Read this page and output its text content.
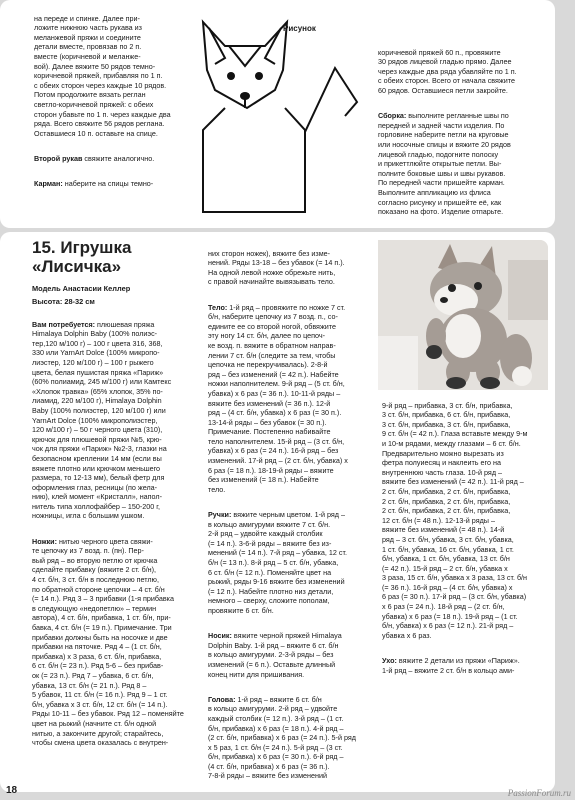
на переде и спинке. Далее при-
ложите нижнюю часть рукава из
меланжевой пряжи и соедините
детали вместе, провязав по 2 п.
вместе (коричневой и меланже-
вой). Далее вяжите 50 рядов темно-
коричневой пряжей, прибавляя по 1 п.
с обеих сторон через каждые 10 рядов.
Потом продолжите вязать реглан
светло-коричневой пряжей: с обеих
сторон убавьте по 1 п. через каждые два
ряда. Всего свяжите 56 рядов реглана.
Оставшиеся 10 п. оставьте на спице.

Второй рукав свяжите аналогично.

Карман: наберите на спицы темно-

Рисунок

коричневой пряжей 60 п., провяжите
30 рядов лицевой гладью прямо. Далее
через каждые два ряда убавляйте по 1 п.
с обеих сторон. Всего от начала свяжите
60 рядов. Оставшиеся петли закройте.

Сборка: выполните регланные швы по
передней и задней части изделия. По
горловине наберите петли на круговые
или носочные спицы и вяжите 20 рядов
лицевой гладью, подогните полоску
и прикеттлюйте открытые петли. Вы-
полните боковые швы и швы рукавов.
По передней части пришейте карман.
Выполните аппликацию из флиса
согласно рисунку и пришейте её, как
показано на фото. Изделие отпарьте.

15. Игрушка
«Лисичка»
Модель Анастасии Келлер
Высота: 28-32 см

Вам потребуется: плюшевая пряжа
Himalaya Dolphin Baby (100% полиэс-
тер,120 м/100 г) – 100 г цвета 316, 368,
330 или YarnArt Dolce (100% микропо-
лиэстер, 120 м/100 г) – 100 г рыжего
цвета, белая пушистая пряжа «Париж»
(60% полиамид, 245 м/100 г) или Камтекс
«Хлопок травка» (65% хлопок, 35% по-
лиамид, 220 м/100 г), Himalaya Dolphin
Baby (100% полиэстер, 120 м/100 г) или
YarnArt Dolce (100% микрополиэстер,
120 м/100 г) – 50 г черного цвета (310),
крючок для плюшевой пряжи №5, крю-
чок для пряжи «Париж» №2-3, глазки на
безопасном креплении 14 мм (если вы
вяжете плотно или крючком меньшего
размера, то 12-13 мм), белый фетр для
оформления глаз, ресницы (по жела-
нию), клей момент «Кристалл», напол-
нитель типа холлофайбер – 150-200 г,
ножницы, игла с большим ушком.

Ножки: нитью черного цвета свяжи-
те цепочку из 7 возд. п. (пн). Пер-
вый ряд – во вторую петлю от крючка
сделайте прибавку (вяжите 2 ст. б/н),
4 ст. б/н, 3 ст. б/н в последнюю петлю,
по обратной стороне цепочки – 4 ст. б/н
(= 14 п.). Ряд 3 – 3 прибавки (1-я прибавка
в следующую «недопетлю» – термин
автора), 4 ст. б/н, прибавка, 1 ст. б/н, при-
бавка, 4 ст. б/н (= 19 п.). Примечание. Три
прибавки должны быть на носочке и две
прибавки на пяточке. Ряд 4 – (1 ст. б/н,
прибавка) х 3 раза, 6 ст. б/н, прибавка,
6 ст. б/н (= 23 п.). Ряд 5-6 – без прибав-
ок (= 23 п.). Ряд 7 – убавка, 6 ст. б/н,
убавка, 13 ст. б/н (= 21 п.). Ряд 8 –
5 убавок, 11 ст. б/н (= 16 п.). Ряд 9 – 1 ст.
б/н, убавка х 3 ст. б/н, 12 ст. б/н (= 14 п.).
Ряды 10-11 – без убавок. Ряд 12 – поменяйте
цвет на рыжий (начните ст. б/н одной
нитью, а закончите другой; старайтесь,
чтобы смена цвета оказалась с внутрен-

них сторон ножек), вяжите без изме-
нений. Ряды 13-18 – без убавок (= 14 п.).
На одной левой ножке обрежьте нить,
с правой начинайте вывязывать тело.

Тело: 1-й ряд – провяжите по ножке 7 ст.
б/н, наберите цепочку из 7 возд. п., со-
едините ее со второй ногой, обвяжите
эту ногу 14 ст. б/н, далее по цепоч-
ке возд. п. вяжите в обратном направ-
лении 7 ст. б/н (следите за тем, чтобы
цепочка не перекручивалась). 2-8-й
ряд – без изменений (= 42 п.). Набейте
ножки наполнителем. 9-й ряд – (5 ст. б/н,
убавка) х 6 раз (= 36 п.). 10-11-й ряды –
вяжите без изменений (= 36 п.). 12-й
ряд – (4 ст. б/н, убавка) х 6 раз (= 30 п.).
13-14-й ряды – без убавок (= 30 п.).
Примечание. Постепенно набивайте
тело наполнителем. 15-й ряд – (3 ст. б/н,
убавка) х 6 раз (= 24 п.). 16-й ряд – без
изменений. 17-й ряд – (2 ст. б/н, убавка) х
6 раз (= 18 п.). 18-19-й ряды – вяжите
без изменений (= 18 п.). Набейте
тело.

Ручки: вяжите черным цветом. 1-й ряд –
в кольцо амигуруми вяжите 7 ст. б/н.
2-й ряд – удвойте каждый столбик
(= 14 п.). 3-6-й ряды – вяжите без из-
менений (= 14 п.). 7-й ряд – убавка, 12 ст.
б/н (= 13 п.). 8-й ряд – 5 ст. б/н, убавка,
6 ст. б/н (= 12 п.). Поменяйте цвет на
рыжий, ряды 9-16 вяжите без изменений
(= 12 п.). Набейте плотно низ детали,
немного – сверху, сложите пополам,
провяжите 6 ст. б/н.

Носик: вяжите черной пряжей Himalaya
Dolphin Baby. 1-й ряд – вяжите 6 ст. б/н
в кольцо амигуруми. 2-3-й ряды – без
изменений (= 6 п.). Оставьте длинный
конец нити для пришивания.

Голова: 1-й ряд – вяжите 6 ст. б/н
в кольцо амигуруми. 2-й ряд – удвойте
каждый столбик (= 12 п.). 3-й ряд – (1 ст.
б/н, прибавка) х 6 раз (= 18 п.). 4-й ряд –
(2 ст. б/н, прибавка) х 6 раз (= 24 п.). 5-й ряд
х 5 раз, 1 ст. б/н (= 24 п.). 5-й ряд – (3 ст.
б/н, прибавка) х 6 раз (= 30 п.). 6-й ряд –
(4 ст. б/н, прибавка) х 6 раз (= 36 п.).
7-8-й ряды – вяжите без изменений

9-й ряд – прибавка, 3 ст. б/н, прибавка,
3 ст. б/н, прибавка, 6 ст. б/н, прибавка,
3 ст. б/н, прибавка, 3 ст. б/н, прибавка,
9 ст. б/н (= 42 п.). Глаза вставьте между 9-м
и 10-м рядами, между глазами – 6 ст. б/н.
Предварительно можно вырезать из
фетра полуиесяц и наклеить его на
внутреннюю часть глаза. 10-й ряд –
вяжите без изменений (= 42 п.). 11-й ряд –
2 ст. б/н, прибавка, 2 ст. б/н, прибавка,
2 ст. б/н, прибавка, 2 ст. б/н, прибавка,
2 ст. б/н, прибавка, 2 ст. б/н, прибавка,
12 ст. б/н (= 48 п.). 12-13-й ряды –
вяжите без изменений (= 48 п.). 14-й
ряд – 3 ст. б/н, убавка, 3 ст. б/н, убавка,
1 ст. б/н, убавка, 16 ст. б/н, убавка, 1 ст.
б/н, убавка, 1 ст. б/н, убавка, 13 ст. б/н
(= 42 п.). 15-й ряд – 2 ст. б/н, убавка х
3 раза, 15 ст. б/н, убавка х 3 раза, 13 ст. б/н
(= 36 п.). 16-й ряд – (4 ст. б/н, убавка) х
6 раз (= 30 п.). 17-й ряд – (3 ст. б/н, убавка)
х 6 раз (= 24 п.). 18-й ряд – (2 ст. б/н,
убавка) х 6 раз (= 18 п.). 19-й ряд – (1 ст.
б/н, убавка) х 6 раз (= 12 п.). 21-й ряд –
убавка х 6 раз.

Ухо: вяжите 2 детали из пряжи «Париж».
1-й ряд – вяжите 2 ст. б/н в кольцо ами-

18	PassionForum.ru
